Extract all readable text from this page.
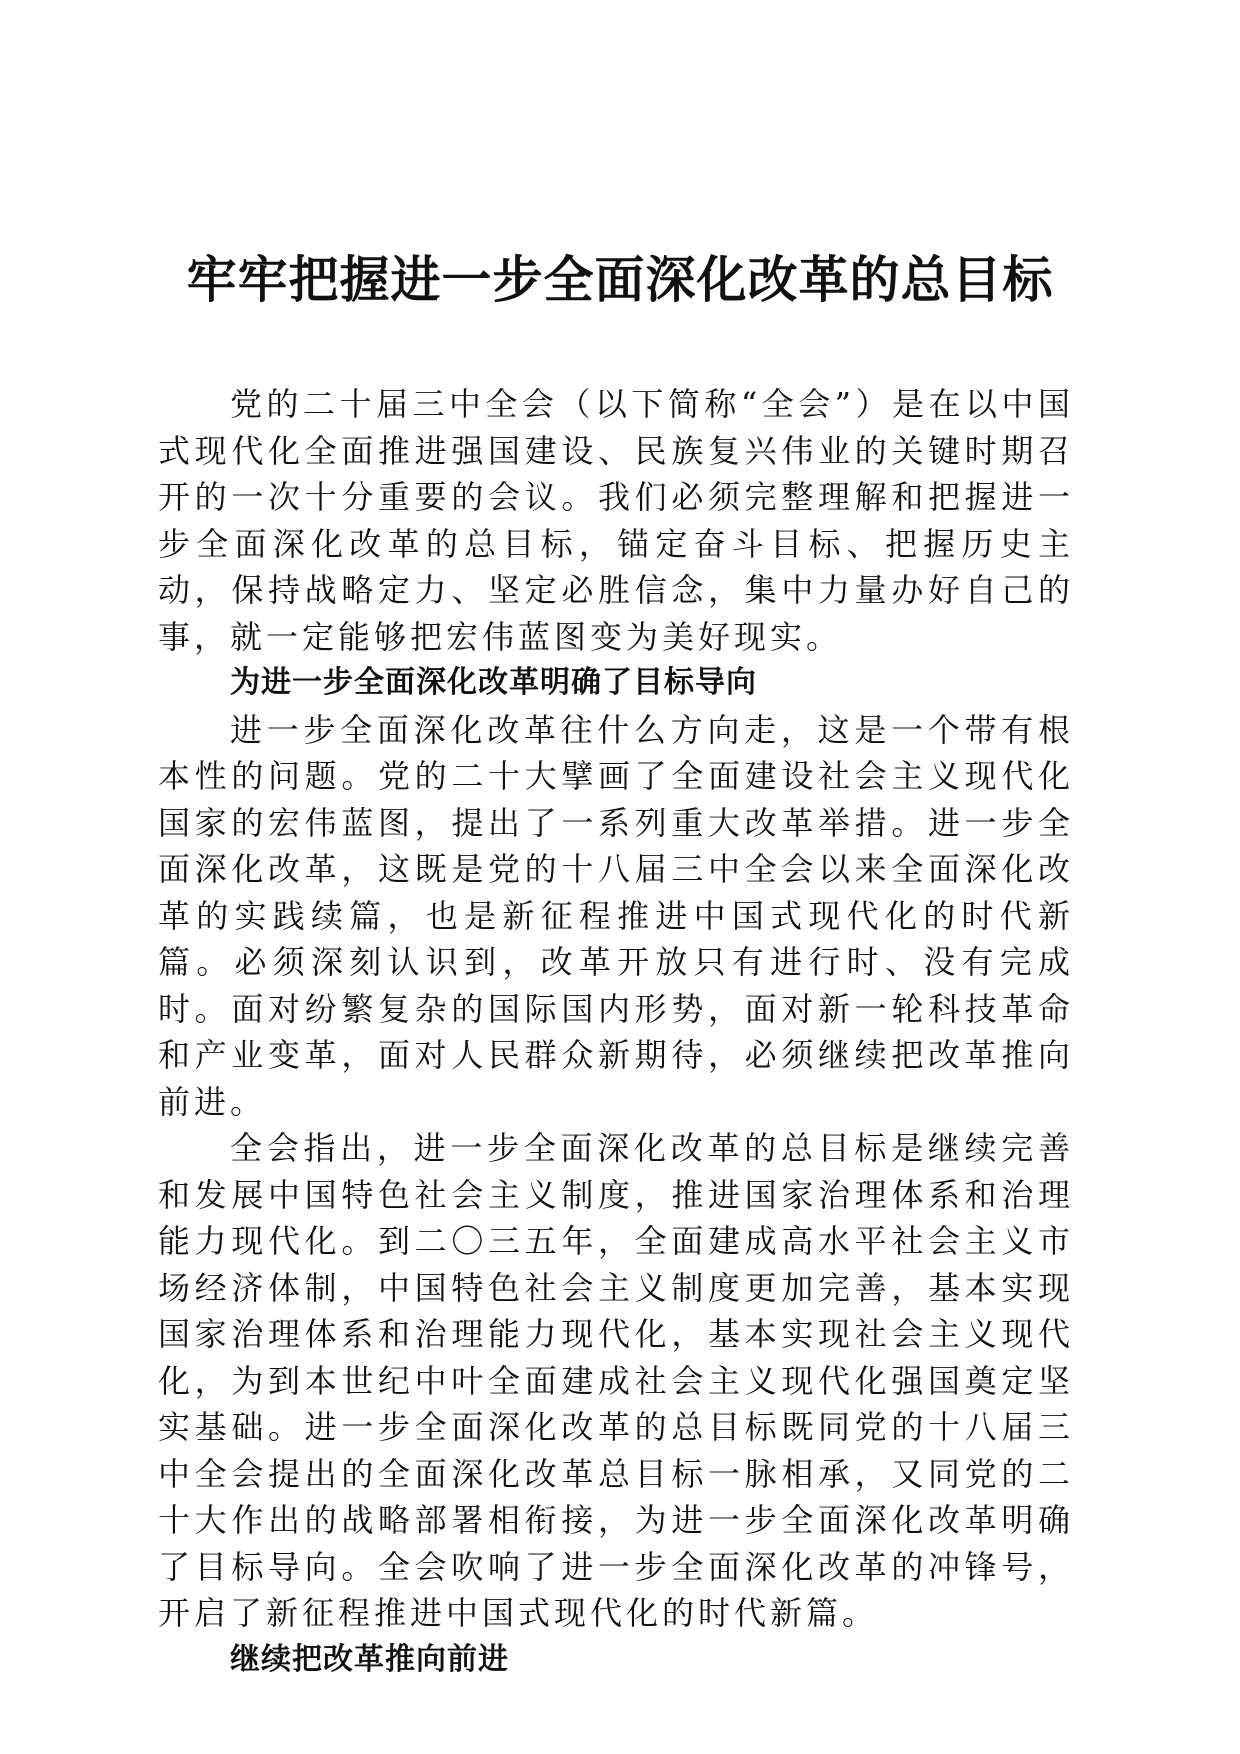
牢牢把握进一步全面深化改革的总目标

党的二十届三中全会（以下简称“全会”）是在以中国式现代化全面推进强国建设、民族复兴伟业的关键时期召开的一次十分重要的会议。我们必须完整理解和把握进一步全面深化改革的总目标，锚定奋斗目标、把握历史主动，保持战略定力、坚定必胜信念，集中力量办好自己的事，就一定能够把宏伟蓝图变为美好现实。

为进一步全面深化改革明确了目标导向

进一步全面深化改革往什么方向走，这是一个带有根本性的问题。党的二十大擘画了全面建设社会主义现代化国家的宏伟蓝图，提出了一系列重大改革举措。进一步全面深化改革，这既是党的十八届三中全会以来全面深化改革的实践续篇，也是新征程推进中国式现代化的时代新篇。必须深刻认识到，改革开放只有进行时、没有完成时。面对纷繁复杂的国际国内形势，面对新一轮科技革命和产业变革，面对人民群众新期待，必须继续把改革推向前进。

全会指出，进一步全面深化改革的总目标是继续完善和发展中国特色社会主义制度，推进国家治理体系和治理能力现代化。到二〇三五年，全面建成高水平社会主义市场经济体制，中国特色社会主义制度更加完善，基本实现国家治理体系和治理能力现代化，基本实现社会主义现代化，为到本世纪中叶全面建成社会主义现代化强国奠定坚实基础。进一步全面深化改革的总目标既同党的十八届三中全会提出的全面深化改革总目标一脉相承，又同党的二十大作出的战略部署相衔接，为进一步全面深化改革明确了目标导向。全会吹响了进一步全面深化改革的冲锋号，开启了新征程推进中国式现代化的时代新篇。

继续把改革推向前进
